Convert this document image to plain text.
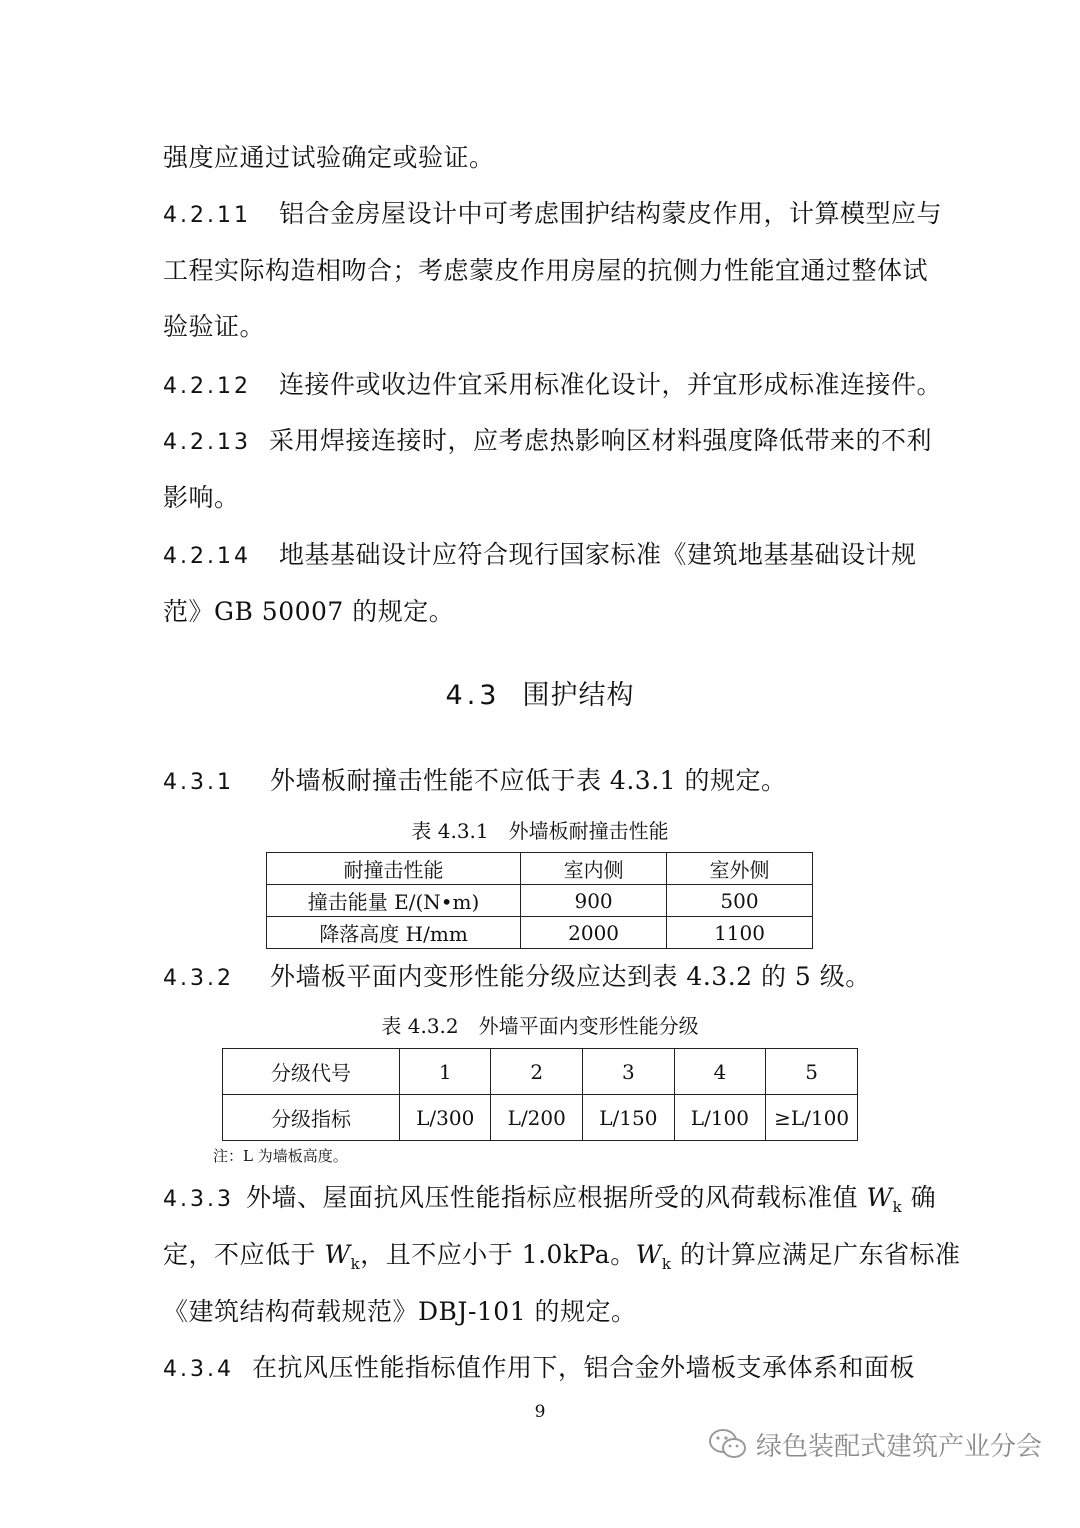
强度应通过试验确定或验证。
4.2.11 铝合金房屋设计中可考虑围护结构蒙皮作用，计算模型应与
工程实际构造相吻合；考虑蒙皮作用房屋的抗侧力性能宜通过整体试
验验证。
4.2.12 连接件或收边件宜采用标准化设计，并宜形成标准连接件。
4.2.13 采用焊接连接时，应考虑热影响区材料强度降低带来的不利
影响。
4.2.14 地基基础设计应符合现行国家标准《建筑地基基础设计规
范》GB 50007 的规定。
4.3 围护结构
4.3.1 外墙板耐撞击性能不应低于表 4.3.1 的规定。
表 4.3.1　外墙板耐撞击性能
耐撞击性能	室内侧	室外侧
撞击能量 E/(N•m)	900	500
降落高度 H/mm	2000	1100
4.3.2 外墙板平面内变形性能分级应达到表 4.3.2 的 5 级。
表 4.3.2　外墙平面内变形性能分级
分级代号	1	2	3	4	5
分级指标	L/300	L/200	L/150	L/100	≥L/100
注：L 为墙板高度。
4.3.3 外墙、屋面抗风压性能指标应根据所受的风荷载标准值 $W_k$ 确
定，不应低于 $W_k$，且不应小于 1.0kPa。$W_k$ 的计算应满足广东省标准
《建筑结构荷载规范》DBJ-101 的规定。
4.3.4 在抗风压性能指标值作用下，铝合金外墙板支承体系和面板
9
绿色装配式建筑产业分会
